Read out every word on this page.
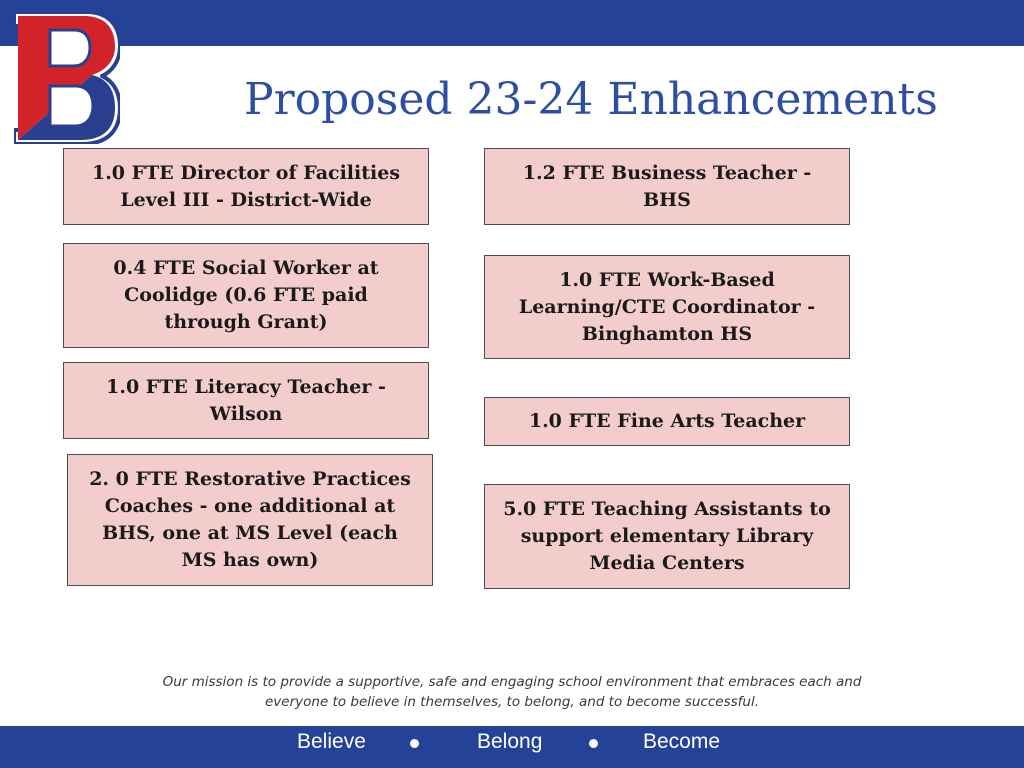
Proposed 23-24 Enhancements
1.0 FTE Director of Facilities Level III - District-Wide
0.4 FTE Social Worker at Coolidge (0.6 FTE paid through Grant)
1.0 FTE Literacy Teacher - Wilson
2. 0 FTE Restorative Practices Coaches - one additional at BHS, one at MS Level (each MS has own)
1.2 FTE Business Teacher - BHS
1.0 FTE Work-Based Learning/CTE Coordinator - Binghamton HS
1.0 FTE Fine Arts Teacher
5.0 FTE Teaching Assistants to support elementary Library Media Centers
Our mission is to provide a supportive, safe and engaging school environment that embraces each and everyone to believe in themselves, to belong, and to become successful.
Believe	Belong	Become
